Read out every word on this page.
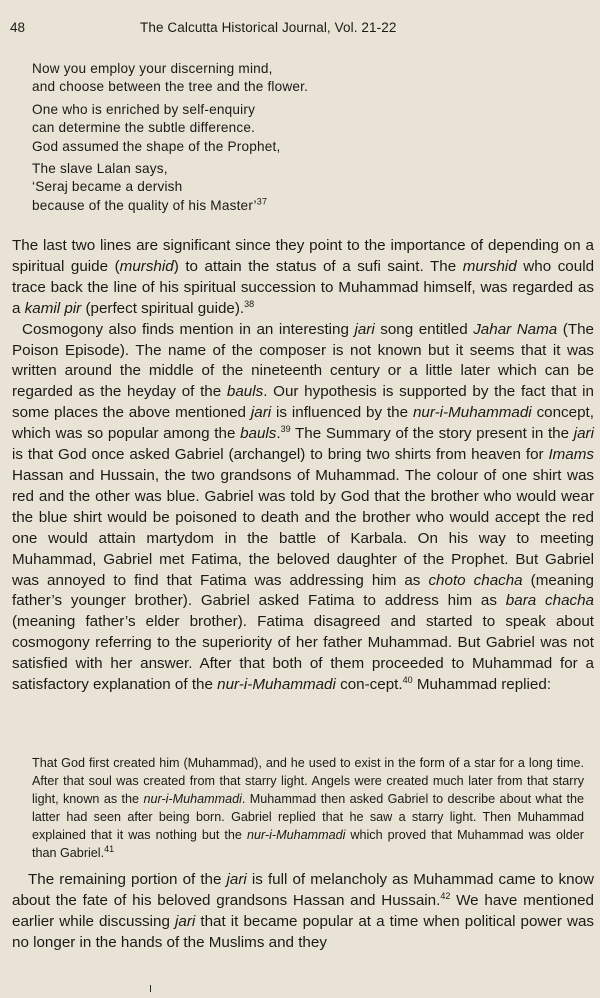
48	The Calcutta Historical Journal, Vol. 21-22
Now you employ your discerning mind,
and choose between the tree and the flower.
One who is enriched by self-enquiry
can determine the subtle difference.
God assumed the shape of the Prophet,
The slave Lalan says,
‘Seraj became a dervish
because of the quality of his Master’$^{37}$

The last two lines are significant since they point to the importance of depending on a spiritual guide (murshid) to attain the status of a sufi saint. The murshid who could trace back the line of his spiritual succession to Muhammad himself, was regarded as a kamil pir (perfect spiritual guide).$^{38}$

Cosmogony also finds mention in an interesting jari song entitled Jahar Nama (The Poison Episode). The name of the composer is not known but it seems that it was written around the middle of the nineteenth century or a little later which can be regarded as the heyday of the bauls. Our hypothesis is supported by the fact that in some places the above mentioned jari is influenced by the nur-i-Muhammadi concept, which was so popular among the bauls.$^{39}$ The Summary of the story present in the jari is that God once asked Gabriel (archangel) to bring two shirts from heaven for Imams Hassan and Hussain, the two grandsons of Muhammad. The colour of one shirt was red and the other was blue. Gabriel was told by God that the brother who would wear the blue shirt would be poisoned to death and the brother who would accept the red one would attain martydom in the battle of Karbala. On his way to meeting Muhammad, Gabriel met Fatima, the beloved daughter of the Prophet. But Gabriel was annoyed to find that Fatima was addressing him as choto chacha (meaning father’s younger brother). Gabriel asked Fatima to address him as bara chacha (meaning father’s elder brother). Fatima disagreed and started to speak about cosmogony referring to the superiority of her father Muhammad. But Gabriel was not satisfied with her answer. After that both of them proceeded to Muhammad for a satisfactory explanation of the nur-i-Muhammadi con-cept.$^{40}$ Muhammad replied:

That God first created him (Muhammad), and he used to exist in the form of a star for a long time. After that soul was created from that starry light. Angels were created much later from that starry light, known as the nur-i-Muhammadi. Muhammad then asked Gabriel to describe about what the latter had seen after being born. Gabriel replied that he saw a starry light. Then Muhammad explained that it was nothing but the nur-i-Muhammadi which proved that Muhammad was older than Gabriel.$^{41}$

The remaining portion of the jari is full of melancholy as Muhammad came to know about the fate of his beloved grandsons Hassan and Hussain.$^{42}$ We have mentioned earlier while discussing jari that it became popular at a time when political power was no longer in the hands of the Muslims and they
